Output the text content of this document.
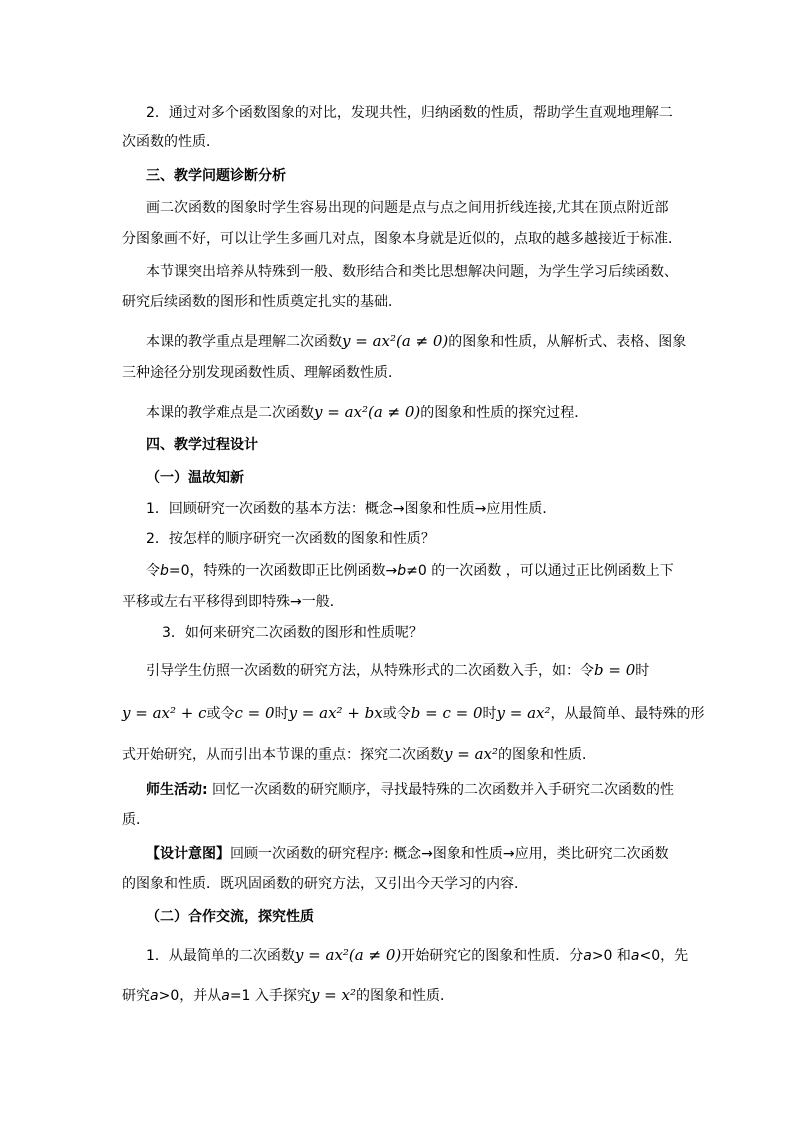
2．通过对多个函数图象的对比，发现共性，归纳函数的性质，帮助学生直观地理解二
次函数的性质．
三、教学问题诊断分析
画二次函数的图象时学生容易出现的问题是点与点之间用折线连接,尤其在顶点附近部
分图象画不好，可以让学生多画几对点，图象本身就是近似的，点取的越多越接近于标准．
本节课突出培养从特殊到一般、数形结合和类比思想解决问题，为学生学习后续函数、
研究后续函数的图形和性质奠定扎实的基础．
本课的教学重点是理解二次函数y = ax²(a ≠ 0)的图象和性质，从解析式、表格、图象
三种途径分别发现函数性质、理解函数性质．
本课的教学难点是二次函数y = ax²(a ≠ 0)的图象和性质的探究过程．
四、教学过程设计
（一）温故知新
1．回顾研究一次函数的基本方法：概念→图象和性质→应用性质．
2．按怎样的顺序研究一次函数的图象和性质？
令b=0，特殊的一次函数即正比例函数→b≠0 的一次函数 ，可以通过正比例函数上下
平移或左右平移得到即特殊→一般．
3．如何来研究二次函数的图形和性质呢？
引导学生仿照一次函数的研究方法，从特殊形式的二次函数入手，如：令b = 0时
y = ax² + c或令c = 0时y = ax² + bx或令b = c = 0时y = ax²，从最简单、最特殊的形
式开始研究，从而引出本节课的重点：探究二次函数y = ax²的图象和性质．
师生活动: 回忆一次函数的研究顺序，寻找最特殊的二次函数并入手研究二次函数的性
质．
【设计意图】回顾一次函数的研究程序: 概念→图象和性质→应用，类比研究二次函数
的图象和性质．既巩固函数的研究方法，又引出今天学习的内容．
（二）合作交流，探究性质
1．从最简单的二次函数y = ax²(a ≠ 0)开始研究它的图象和性质．分a>0 和a<0，先
研究a>0，并从a=1 入手探究y = x²的图象和性质．
